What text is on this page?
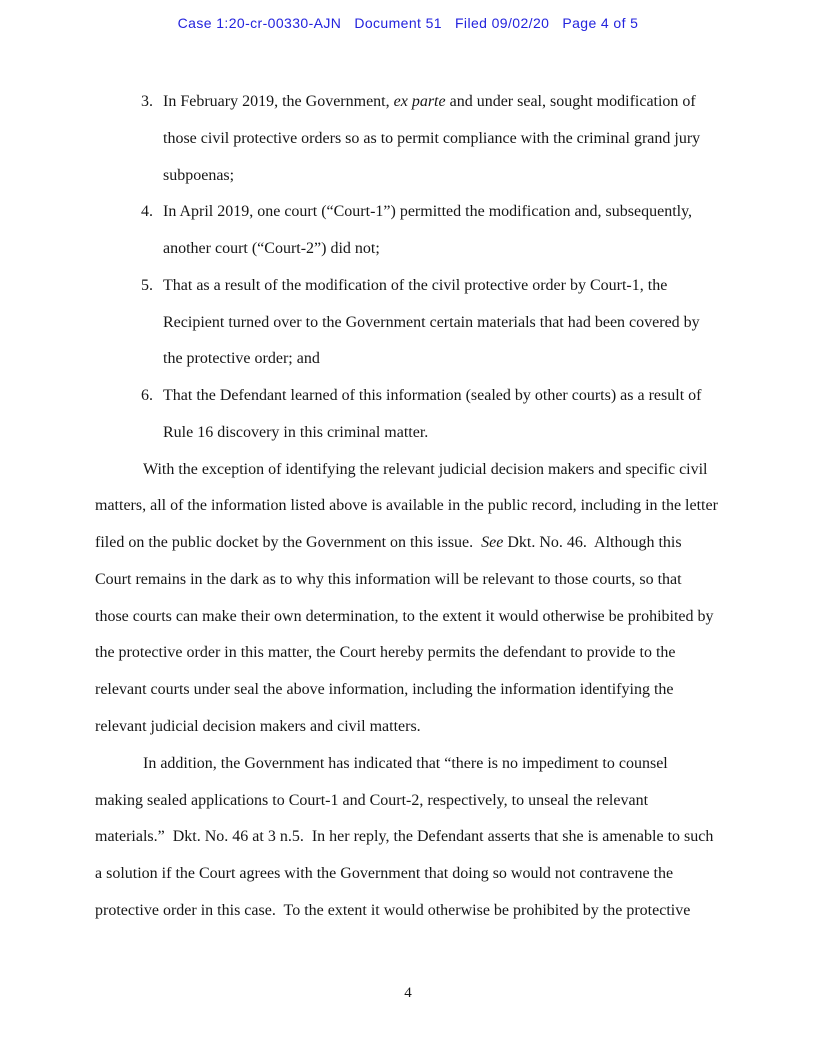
Case 1:20-cr-00330-AJN Document 51 Filed 09/02/20 Page 4 of 5
3. In February 2019, the Government, ex parte and under seal, sought modification of
those civil protective orders so as to permit compliance with the criminal grand jury
subpoenas;
4. In April 2019, one court (“Court-1”) permitted the modification and, subsequently,
another court (“Court-2”) did not;
5. That as a result of the modification of the civil protective order by Court-1, the
Recipient turned over to the Government certain materials that had been covered by
the protective order; and
6. That the Defendant learned of this information (sealed by other courts) as a result of
Rule 16 discovery in this criminal matter.
With the exception of identifying the relevant judicial decision makers and specific civil
matters, all of the information listed above is available in the public record, including in the letter
filed on the public docket by the Government on this issue.  See Dkt. No. 46.  Although this
Court remains in the dark as to why this information will be relevant to those courts, so that
those courts can make their own determination, to the extent it would otherwise be prohibited by
the protective order in this matter, the Court hereby permits the defendant to provide to the
relevant courts under seal the above information, including the information identifying the
relevant judicial decision makers and civil matters.
In addition, the Government has indicated that “there is no impediment to counsel
making sealed applications to Court-1 and Court-2, respectively, to unseal the relevant
materials.”  Dkt. No. 46 at 3 n.5.  In her reply, the Defendant asserts that she is amenable to such
a solution if the Court agrees with the Government that doing so would not contravene the
protective order in this case.  To the extent it would otherwise be prohibited by the protective
4
